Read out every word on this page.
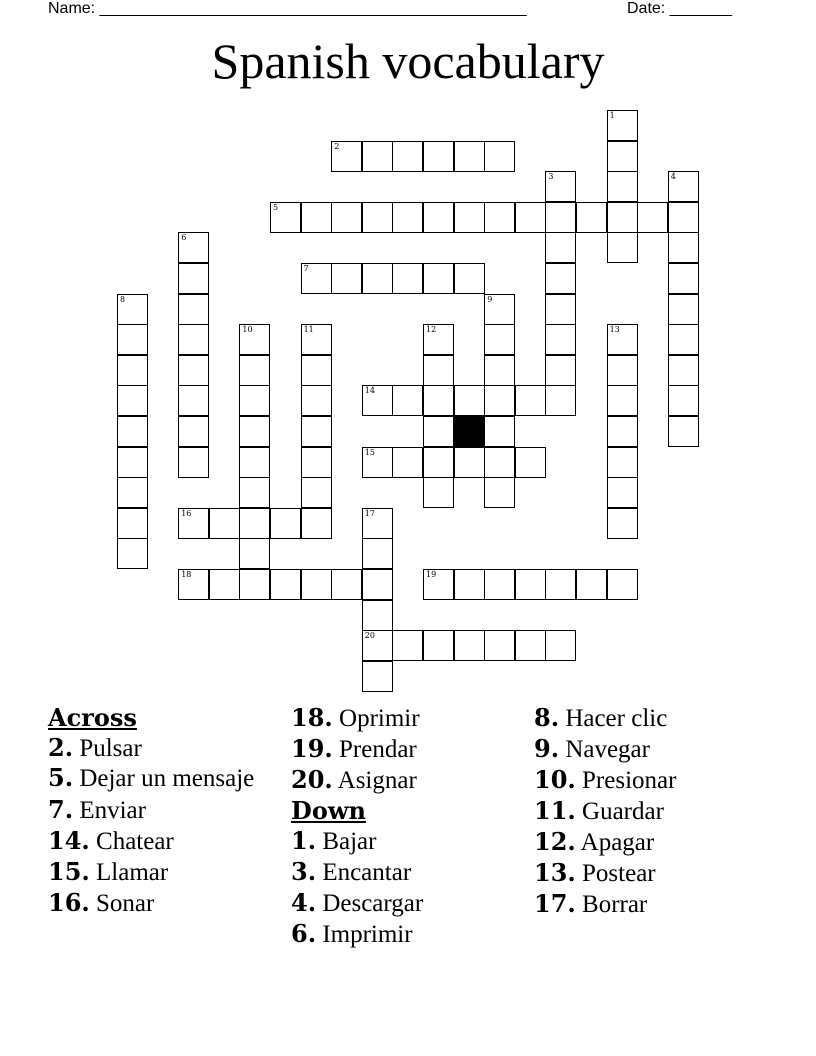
Name: ________________________________________________	Date: _______
Spanish vocabulary
1
2
3	4
5
6
7
8	9
10	11	12	13
14
15
16	17
20
18	19
Across

2 . Pulsar

5 . Dejar un mensaje

7 . Enviar

14 . Chatear

15 . Llamar

16 . Sonar

18 . Oprimir

19 . Prendar

20 . Asignar

Down

1 . Bajar

3 . Encantar

4 . Descargar

6 . Imprimir

8 . Hacer clic

9 . Navegar

10 . Presionar

11 . Guardar

12 . Apagar

13 . Postear

17 . Borrar
